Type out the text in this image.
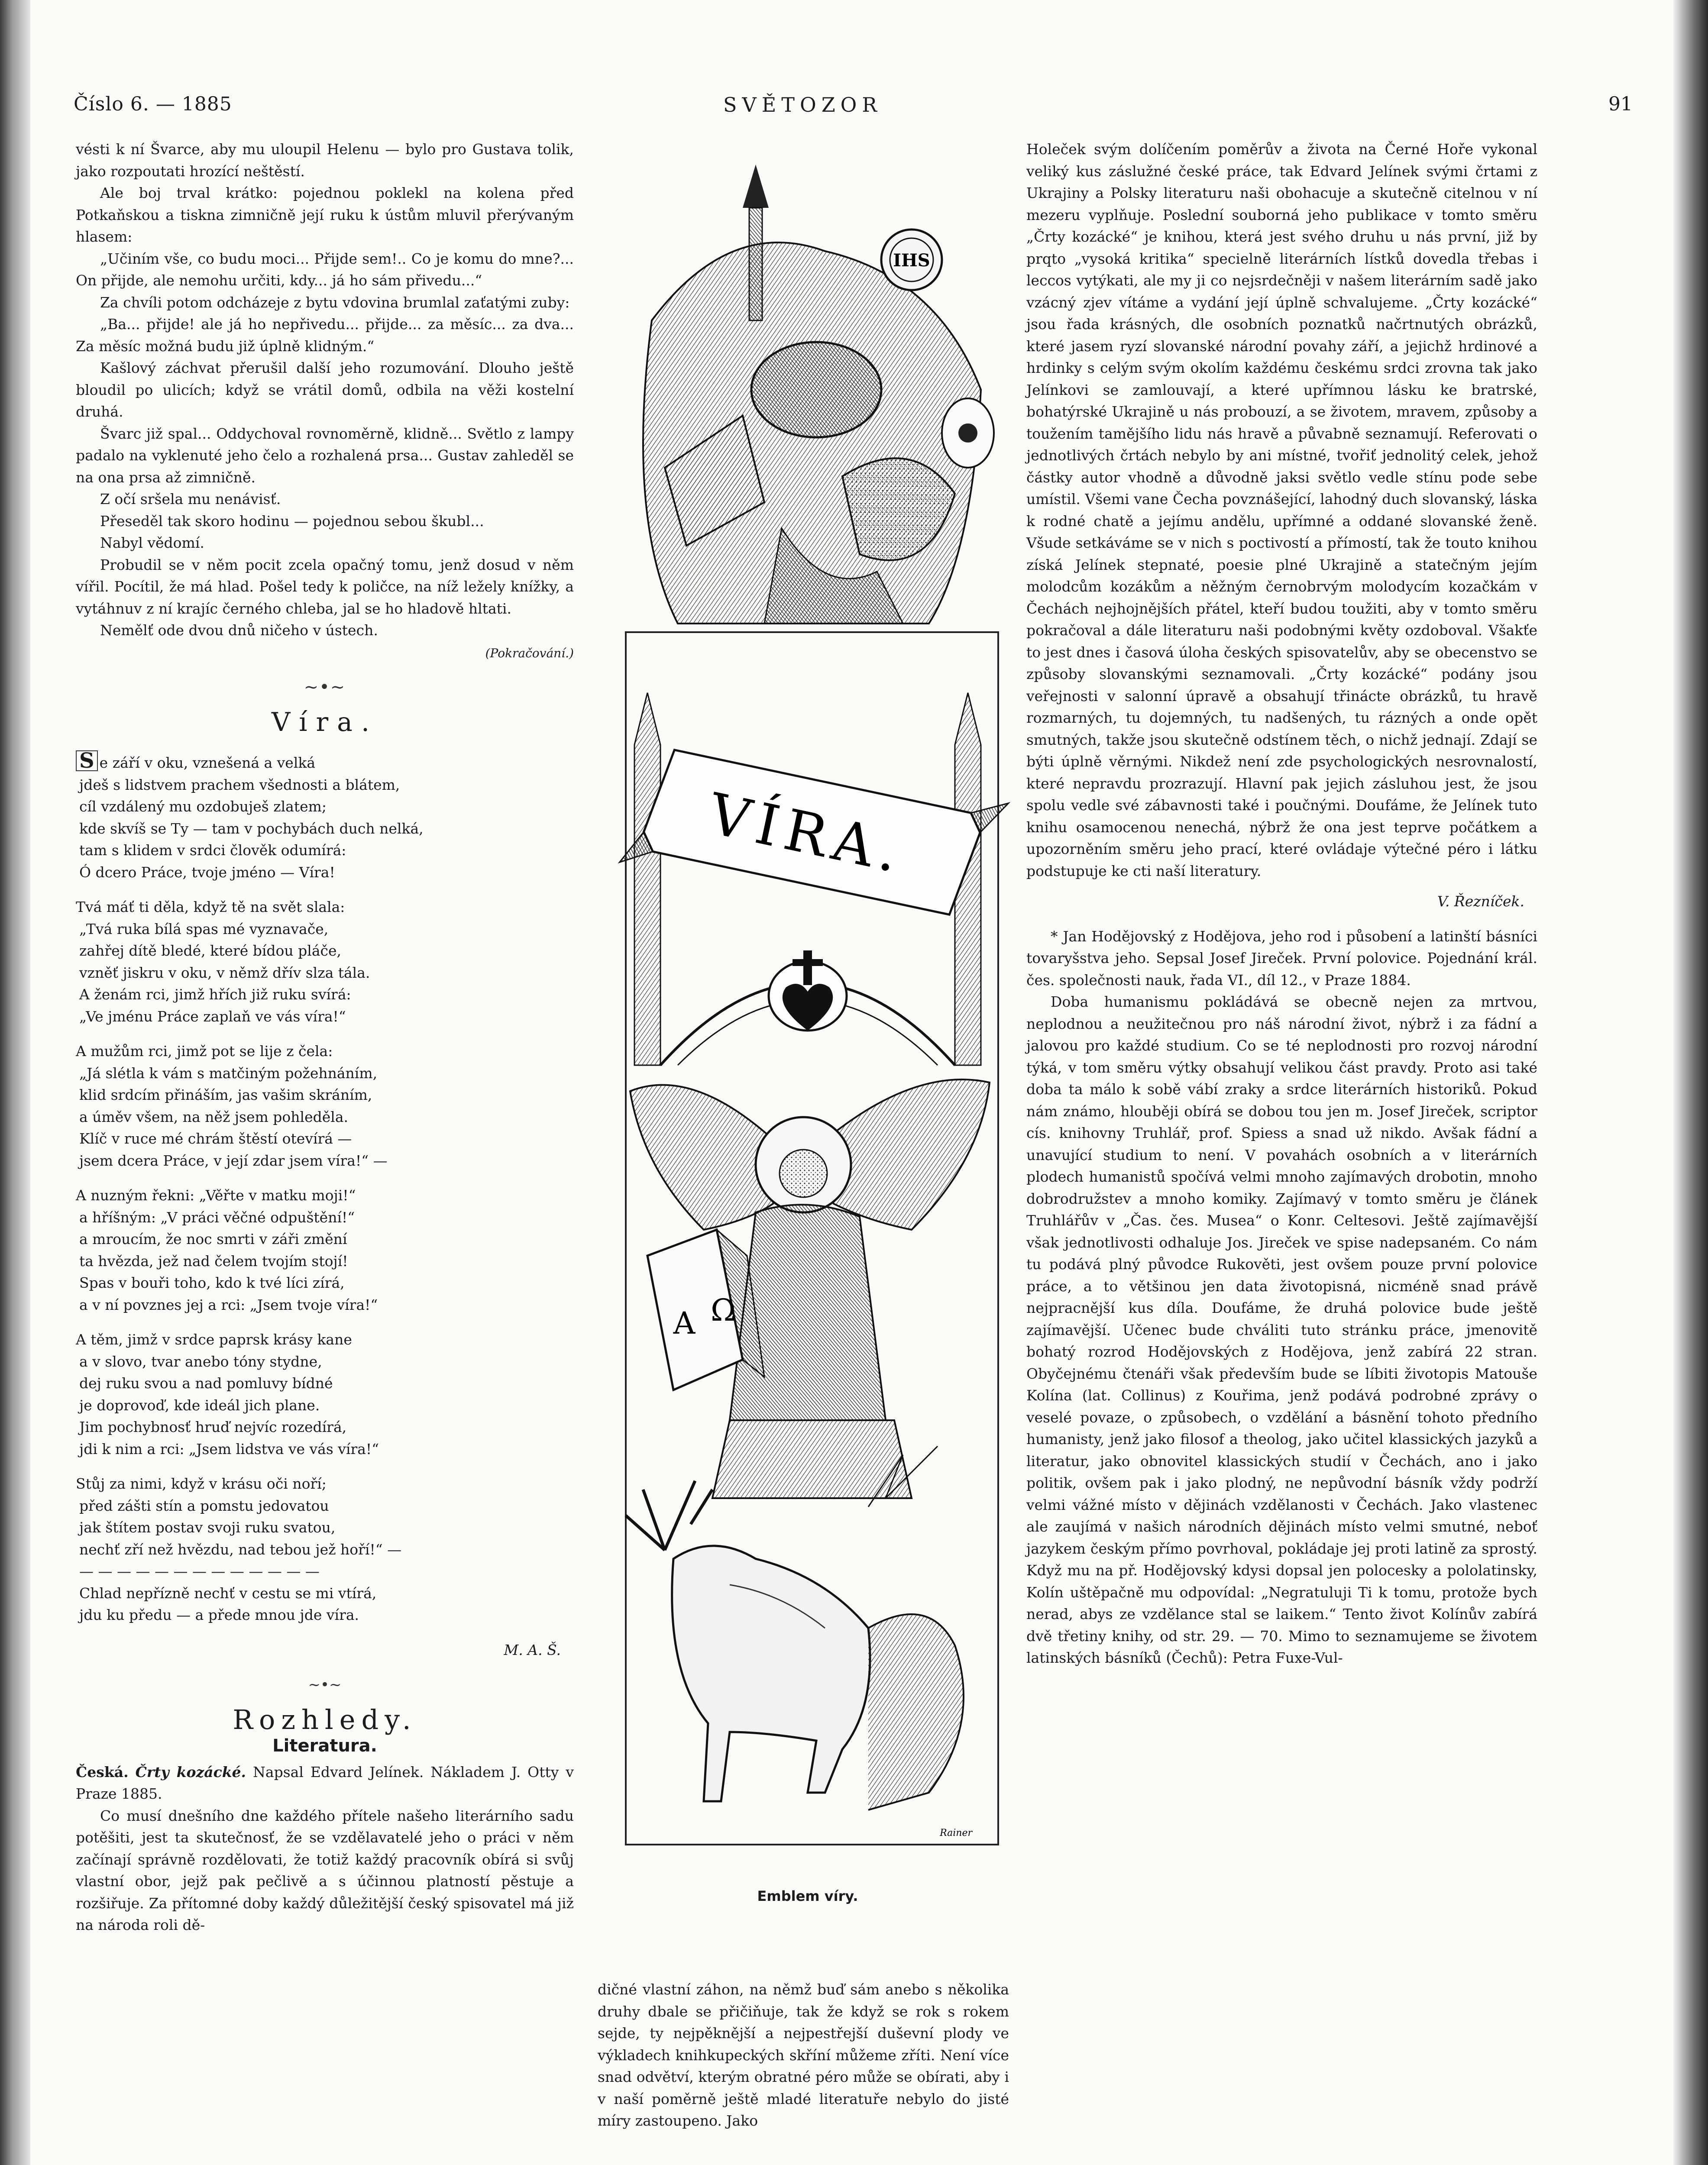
Číslo 6. — 1885	SVĚTOZOR	91

vésti k ní Švarce, aby mu uloupil Helenu — bylo pro Gustava tolik, jako rozpoutati hrozící neštěstí.

Ale boj trval krátko: pojednou poklekl na kolena před Potkaňskou a tiskna zimničně její ruku k ústům mluvil přerývaným hlasem:

„Učiním vše, co budu moci... Přijde sem!.. Co je komu do mne?... On přijde, ale nemohu určiti, kdy... já ho sám přivedu...“

Za chvíli potom odcházeje z bytu vdovina brumlal zaťatými zuby:

„Ba... přijde! ale já ho nepřivedu... přijde... za měsíc... za dva... Za měsíc možná budu již úplně klidným.“

Kašlový záchvat přerušil další jeho rozumování. Dlouho ještě bloudil po ulicích; když se vrátil domů, odbila na věži kostelní druhá.

Švarc již spal... Oddychoval rovnoměrně, klidně... Světlo z lampy padalo na vyklenuté jeho čelo a rozhalená prsa... Gustav zahleděl se na ona prsa až zimničně.

Z očí sršela mu nenávisť.

Přeseděl tak skoro hodinu — pojednou sebou škubl...

Nabyl vědomí.

Probudil se v něm pocit zcela opačný tomu, jenž dosud v něm vířil. Pocítil, že má hlad. Pošel tedy k poličce, na níž ležely knížky, a vytáhnuv z ní krajíc černého chleba, jal se ho hladově hltati.

Nemělť ode dvou dnů ničeho v ústech.

(Pokračování.)
~•~
Víra.
S e září v oku, vznešená a velká
jdeš s lidstvem prachem všednosti a blátem,
cíl vzdálený mu ozdobuješ zlatem;
kde skvíš se Ty — tam v pochybách duch nelká,
tam s klidem v srdci člověk odumírá:
Ó dcero Práce, tvoje jméno — Víra!
Tvá máť ti děla, když tě na svět slala:
„Tvá ruka bílá spas mé vyznavače,
zahřej dítě bledé, které bídou pláče,
vzněť jiskru v oku, v němž dřív slza tála.
A ženám rci, jimž hřích již ruku svírá:
„Ve jménu Práce zaplaň ve vás víra!“
A mužům rci, jimž pot se lije z čela:
„Já slétla k vám s matčiným požehnáním,
klid srdcím přináším, jas vašim skráním,
a úměv všem, na něž jsem pohleděla.
Klíč v ruce mé chrám štěstí otevírá —
jsem dcera Práce, v její zdar jsem víra!“ —
A nuzným řekni: „Věřte v matku moji!“
a hříšným: „V práci věčné odpuštění!“
a mroucím, že noc smrti v záři změní
ta hvězda, jež nad čelem tvojím stojí!
Spas v bouři toho, kdo k tvé líci zírá,
a v ní povznes jej a rci: „Jsem tvoje víra!“
A těm, jimž v srdce paprsk krásy kane
a v slovo, tvar anebo tóny stydne,
dej ruku svou a nad pomluvy bídné
je doprovoď, kde ideál jich plane.
Jim pochybnosť hruď nejvíc rozedírá,
jdi k nim a rci: „Jsem lidstva ve vás víra!“
Stůj za nimi, když v krásu oči noří;
před zášti stín a pomstu jedovatou
jak štítem postav svoji ruku svatou,
nechť zří než hvězdu, nad tebou jež hoří!“ —
— — — — — — — — — — — — —
Chlad nepřízně nechť v cestu se mi vtírá,
jdu ku předu — a přede mnou jde víra.
M. A. Š.
~•~
Rozhledy.
Literatura.

Česká. Črty kozácké. Napsal Edvard Jelínek. Nákladem J. Otty v Praze 1885.

Co musí dnešního dne každého přítele našeho literárního sadu potěšiti, jest ta skutečnosť, že se vzdělavatelé jeho o práci v něm začínají správně rozdělovati, že totiž každý pracovník obírá si svůj vlastní obor, jejž pak pečlivě a s účinnou platností pěstuje a rozšiřuje. Za přítomné doby každý důležitější český spisovatel má již na národa roli dě-

IHS
VÍRA.
A Ω
Rainer
Emblem víry.

dičné vlastní záhon, na němž buď sám anebo s několika druhy dbale se přičiňuje, tak že když se rok s rokem sejde, ty nejpěknější a nejpestřejší duševní plody ve výkladech knihkupeckých skříní můžeme zříti. Není více snad odvětví, kterým obratné péro může se obírati, aby i v naší poměrně ještě mladé literatuře nebylo do jisté míry zastoupeno. Jako

Holeček svým dolíčením poměrův a života na Černé Hoře vykonal veliký kus záslužné české práce, tak Edvard Jelínek svými črtami z Ukrajiny a Polsky literaturu naši obohacuje a skutečně citelnou v ní mezeru vyplňuje. Poslední souborná jeho publikace v tomto směru „Črty kozácké“ je knihou, která jest svého druhu u nás první, již by prqto „vysoká kritika“ specielně literárních lístků dovedla třebas i leccos vytýkati, ale my ji co nejsrdečněji v našem literárním sadě jako vzácný zjev vítáme a vydání její úplně schvalujeme. „Črty kozácké“ jsou řada krásných, dle osobních poznatků načrtnutých obrázků, které jasem ryzí slovanské národní povahy září, a jejichž hrdinové a hrdinky s celým svým okolím každému českému srdci zrovna tak jako Jelínkovi se zamlouvají, a které upřímnou lásku ke bratrské, bohatýrské Ukrajině u nás probouzí, a se životem, mravem, způsoby a toužením tamějšího lidu nás hravě a půvabně seznamují. Referovati o jednotlivých črtách nebylo by ani místné, tvořiť jednolitý celek, jehož částky autor vhodně a důvodně jaksi světlo vedle stínu pode sebe umístil. Všemi vane Čecha povznášející, lahodný duch slovanský, láska k rodné chatě a jejímu andělu, upřímné a oddané slovanské ženě. Všude setkáváme se v nich s poctivostí a přímostí, tak že touto knihou získá Jelínek stepnaté, poesie plné Ukrajině a statečným jejím molodcům kozákům a něžným černobrvým molodycím kozačkám v Čechách nejhojnějších přátel, kteří budou toužiti, aby v tomto směru pokračoval a dále literaturu naši podobnými květy ozdoboval. Všakťe to jest dnes i časová úloha českých spisovatelův, aby se obecenstvo se způsoby slovanskými seznamovali. „Črty kozácké“ podány jsou veřejnosti v salonní úpravě a obsahují třinácte obrázků, tu hravě rozmarných, tu dojemných, tu nadšených, tu rázných a onde opět smutných, takže jsou skutečně odstínem těch, o nichž jednají. Zdají se býti úplně věrnými. Nikdež není zde psychologických nesrovnalostí, které nepravdu prozrazují. Hlavní pak jejich zásluhou jest, že jsou spolu vedle své zábavnosti také i poučnými. Doufáme, že Jelínek tuto knihu osamocenou nenechá, nýbrž že ona jest teprve počátkem a upozorněním směru jeho prací, které ovládaje výtečné péro i látku podstupuje ke cti naší literatury.

V. Řezníček.

* Jan Hodějovský z Hodějova, jeho rod i působení a latinští básníci tovaryšstva jeho. Sepsal Josef Jireček. První polovice. Pojednání král. čes. společnosti nauk, řada VI., díl 12., v Praze 1884.

Doba humanismu pokládává se obecně nejen za mrtvou, neplodnou a neužitečnou pro náš národní život, nýbrž i za fádní a jalovou pro každé studium. Co se té neplodnosti pro rozvoj národní týká, v tom směru výtky obsahují velikou část pravdy. Proto asi také doba ta málo k sobě vábí zraky a srdce literárních historiků. Pokud nám známo, hlouběji obírá se dobou tou jen m. Josef Jireček, scriptor cís. knihovny Truhlář, prof. Spiess a snad už nikdo. Avšak fádní a unavující studium to není. V povahách osobních a v literárních plodech humanistů spočívá velmi mnoho zajímavých drobotin, mnoho dobrodružstev a mnoho komiky. Zajímavý v tomto směru je článek Truhlářův v „Čas. čes. Musea“ o Konr. Celtesovi. Ještě zajímavější však jednotlivosti odhaluje Jos. Jireček ve spise nadepsaném. Co nám tu podává plný původce Rukověti, jest ovšem pouze první polovice práce, a to většinou jen data životopisná, nicméně snad právě nejpracnější kus díla. Doufáme, že druhá polovice bude ještě zajímavější. Učenec bude chváliti tuto stránku práce, jmenovitě bohatý rozrod Hodějovských z Hodějova, jenž zabírá 22 stran. Obyčejnému čtenáři však především bude se líbiti životopis Matouše Kolína (lat. Collinus) z Kouřima, jenž podává podrobné zprávy o veselé povaze, o způsobech, o vzdělání a básnění tohoto předního humanisty, jenž jako filosof a theolog, jako učitel klassických jazyků a literatur, jako obnovitel klassických studií v Čechách, ano i jako politik, ovšem pak i jako plodný, ne nepůvodní básník vždy podrží velmi vážné místo v dějinách vzdělanosti v Čechách. Jako vlastenec ale zaujímá v našich národních dějinách místo velmi smutné, neboť jazykem českým přímo povrhoval, pokládaje jej proti latině za sprostý. Když mu na př. Hodějovský kdysi dopsal jen polocesky a pololatinsky, Kolín uštěpačně mu odpovídal: „Negratuluji Ti k tomu, protože bych nerad, abys ze vzdělance stal se laikem.“ Tento život Kolínův zabírá dvě třetiny knihy, od str. 29. — 70. Mimo to seznamujeme se životem latinských básníků (Čechů): Petra Fuxe-Vul-
